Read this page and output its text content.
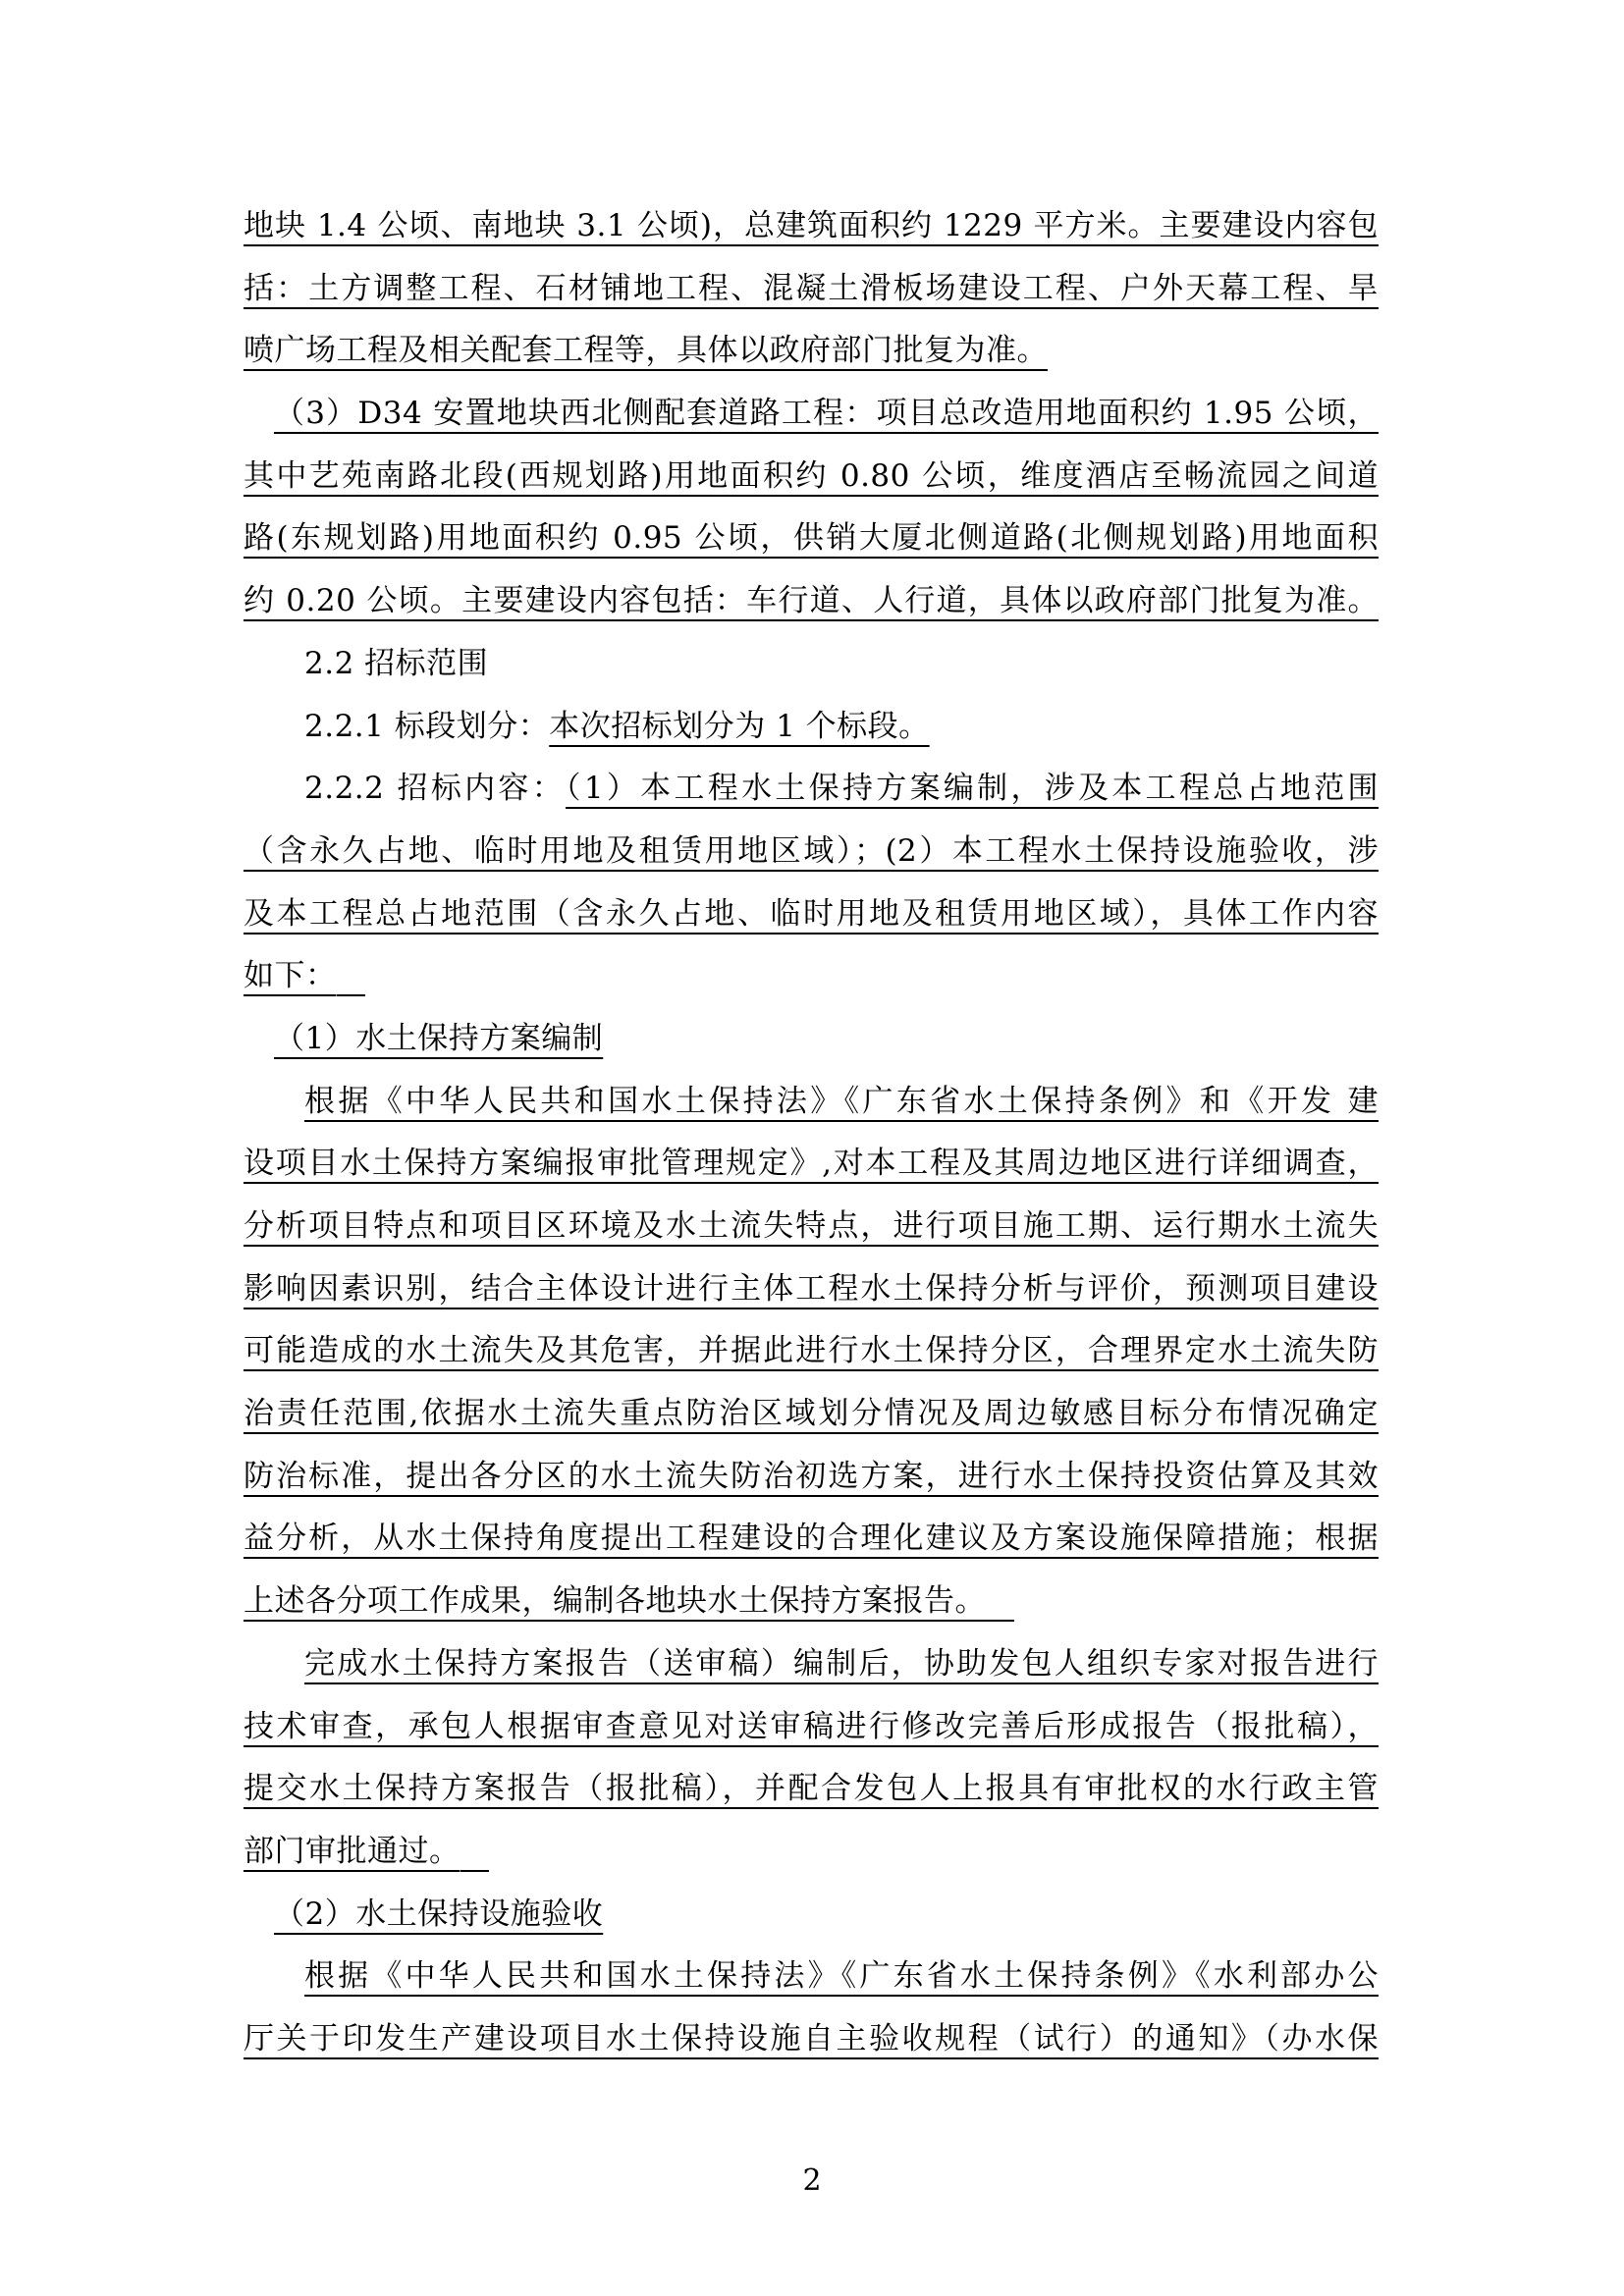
地块 1.4 公顷、南地块 3.1 公顷)，总建筑面积约 1229 平方米。主要建设内容包
括：土方调整工程、石材铺地工程、混凝土滑板场建设工程、户外天幕工程、旱
喷广场工程及相关配套工程等，具体以政府部门批复为准。
（3）D34 安置地块西北侧配套道路工程：项目总改造用地面积约 1.95 公顷，
其中艺苑南路北段(西规划路)用地面积约 0.80 公顷，维度酒店至畅流园之间道
路(东规划路)用地面积约 0.95 公顷，供销大厦北侧道路(北侧规划路)用地面积
约 0.20 公顷。主要建设内容包括：车行道、人行道，具体以政府部门批复为准。
2.2 招标范围
2.2.1 标段划分：本次招标划分为 1 个标段。
2.2.2 招标内容：（1）本工程水土保持方案编制，涉及本工程总占地范围
（含永久占地、临时用地及租赁用地区域）；(2）本工程水土保持设施验收，涉
及本工程总占地范围（含永久占地、临时用地及租赁用地区域），具体工作内容
如下：
（1）水土保持方案编制
根据《中华人民共和国水土保持法》《广东省水土保持条例》和《开发 建
设项目水土保持方案编报审批管理规定》,对本工程及其周边地区进行详细调查，
分析项目特点和项目区环境及水土流失特点，进行项目施工期、运行期水土流失
影响因素识别，结合主体设计进行主体工程水土保持分析与评价，预测项目建设
可能造成的水土流失及其危害，并据此进行水土保持分区，合理界定水土流失防
治责任范围,依据水土流失重点防治区域划分情况及周边敏感目标分布情况确定
防治标准，提出各分区的水土流失防治初选方案，进行水土保持投资估算及其效
益分析，从水土保持角度提出工程建设的合理化建议及方案设施保障措施；根据
上述各分项工作成果，编制各地块水土保持方案报告。
完成水土保持方案报告（送审稿）编制后，协助发包人组织专家对报告进行
技术审查，承包人根据审查意见对送审稿进行修改完善后形成报告（报批稿），
提交水土保持方案报告（报批稿），并配合发包人上报具有审批权的水行政主管
部门审批通过。
（2）水土保持设施验收
根据《中华人民共和国水土保持法》《广东省水土保持条例》《水利部办公
厅关于印发生产建设项目水土保持设施自主验收规程（试行）的通知》（办水保
2
